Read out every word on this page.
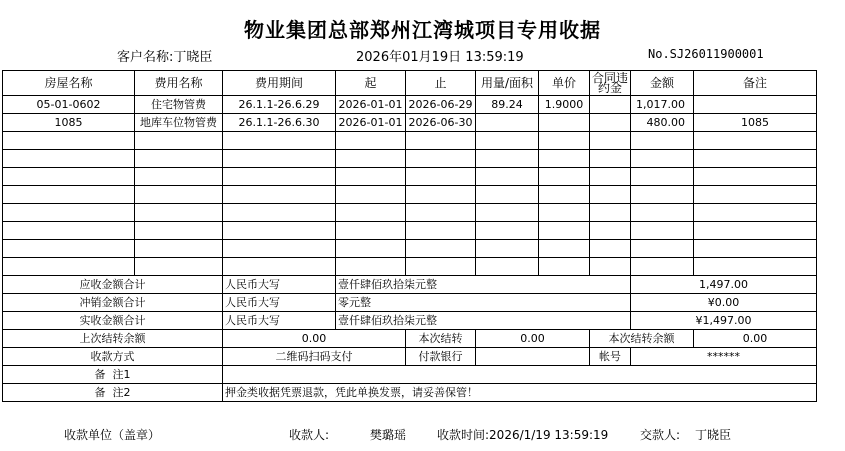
物业集团总部郑州江湾城项目专用收据
客户名称:丁晓臣	2026年01月19日 13:59:19	No.SJ26011900001
房屋名称	费用名称	费用期间	起	止	用量/面积	单价	合同违约金	金额	备注
05-01-0602	住宅物管费	26.1.1-26.6.29	2026-01-01	2026-06-29	89.24	1.9000		1,017.00	
1085	地库车位物管费	26.1.1-26.6.30	2026-01-01	2026-06-30				480.00	1085

应收金额合计		人民币大写	壹仟肆佰玖拾柒元整					1,497.00	
冲销金额合计		人民币大写	零元整					¥0.00	
实收金额合计		人民币大写	壹仟肆佰玖拾柒元整					¥1,497.00	
上次结转余额		0.00		本次结转	0.00		本次结转余额		0.00
收款方式		二维码扫码支付		付款银行			帐号	******	
备  注1									
备  注2		押金类收据凭票退款，凭此单换发票，请妥善保管！							
收款单位（盖章）	收款人:	樊璐瑶	收款时间:2026/1/19 13:59:19	交款人: 丁晓臣
